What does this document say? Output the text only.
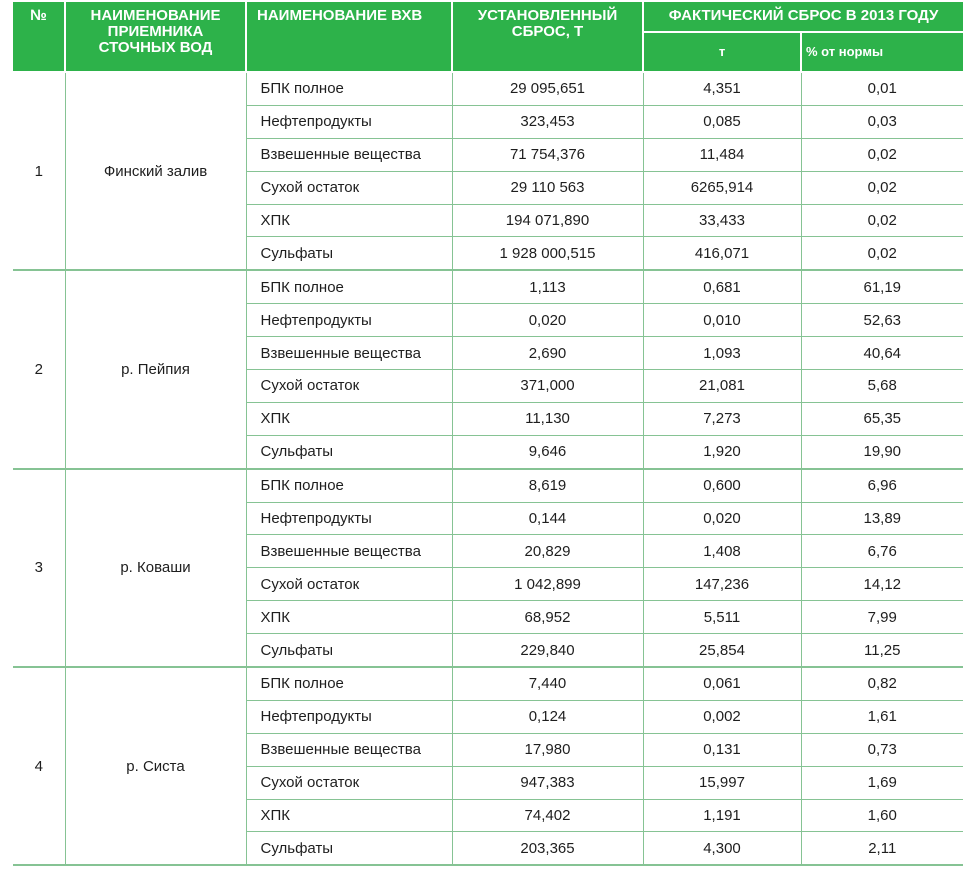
№	НАИМЕНОВАНИЕ ПРИЕМНИКА СТОЧНЫХ ВОД	НАИМЕНОВАНИЕ ВХВ	УСТАНОВЛЕННЫЙ СБРОС, Т	ФАКТИЧЕСКИЙ СБРОС В 2013 ГОДУ	
				т	% от нормы
1	Финский залив	БПК полное	29 095,651	4,351	0,01
		Нефтепродукты	323,453	0,085	0,03
		Взвешенные вещества	71 754,376	11,484	0,02
		Сухой остаток	29 110 563	6265,914	0,02
		ХПК	194 071,890	33,433	0,02
		Сульфаты	1 928 000,515	416,071	0,02
2	р. Пейпия	БПК полное	1,113	0,681	61,19
		Нефтепродукты	0,020	0,010	52,63
		Взвешенные вещества	2,690	1,093	40,64
		Сухой остаток	371,000	21,081	5,68
		ХПК	11,130	7,273	65,35
		Сульфаты	9,646	1,920	19,90
3	р. Коваши	БПК полное	8,619	0,600	6,96
		Нефтепродукты	0,144	0,020	13,89
		Взвешенные вещества	20,829	1,408	6,76
		Сухой остаток	1 042,899	147,236	14,12
		ХПК	68,952	5,511	7,99
		Сульфаты	229,840	25,854	11,25
4	р. Систа	БПК полное	7,440	0,061	0,82
		Нефтепродукты	0,124	0,002	1,61
		Взвешенные вещества	17,980	0,131	0,73
		Сухой остаток	947,383	15,997	1,69
		ХПК	74,402	1,191	1,60
		Сульфаты	203,365	4,300	2,11
